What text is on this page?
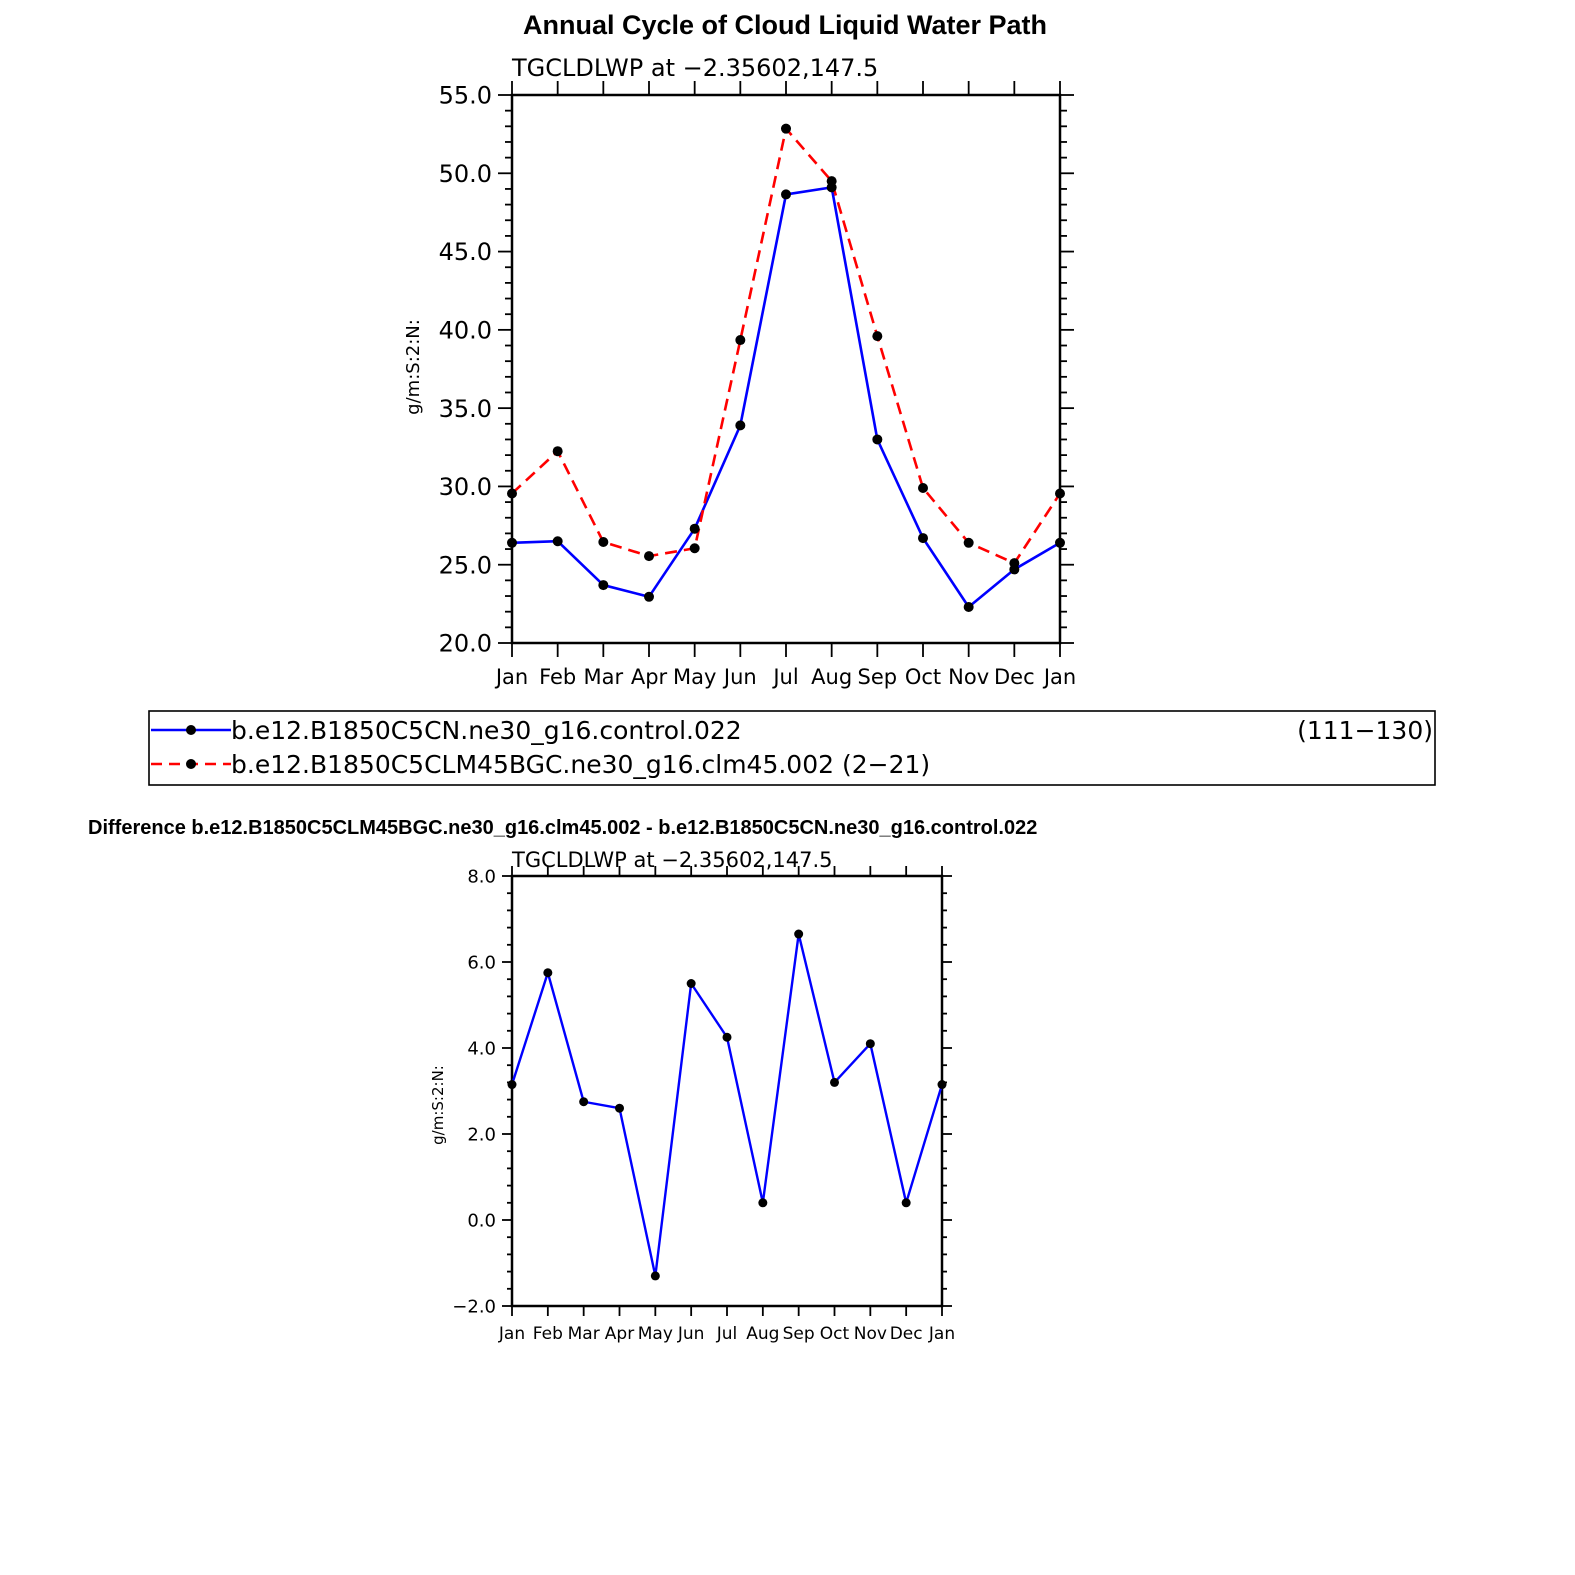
Annual Cycle of Cloud Liquid Water Path
TGCLDLWP at −2.35602,147.5
g/m:S:2:N:
20.0
25.0
30.0
35.0
40.0
45.0
50.0
55.0
Jan Feb Mar Apr May Jun Jul Aug Sep Oct Nov Dec Jan
b.e12.B1850C5CN.ne30_g16.control.022	(111−130)
b.e12.B1850C5CLM45BGC.ne30_g16.clm45.002 (2−21)
Difference b.e12.B1850C5CLM45BGC.ne30_g16.clm45.002 - b.e12.B1850C5CN.ne30_g16.control.022
TGCLDLWP at −2.35602,147.5
g/m:S:2:N:
−2.0
0.0
2.0
4.0
6.0
8.0
Jan Feb Mar Apr May Jun Jul Aug Sep Oct Nov Dec Jan
